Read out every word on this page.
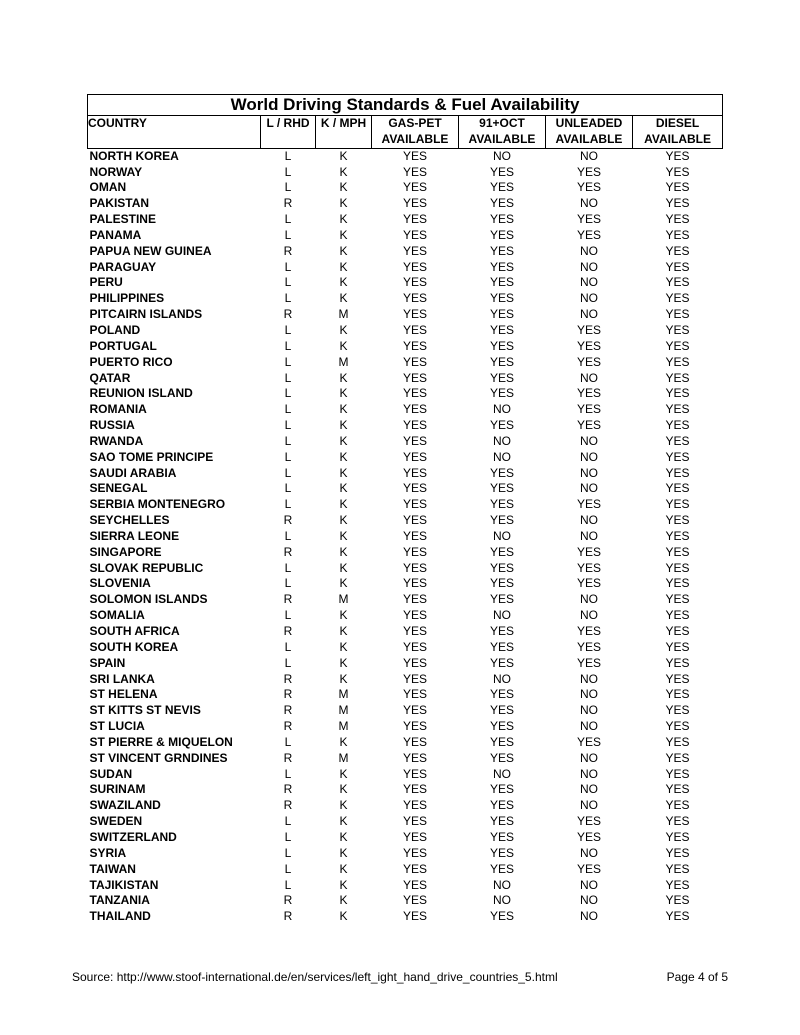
World Driving Standards & Fuel Availability						
COUNTRY	L / RHD	K / MPH	GAS-PET	91+OCT	UNLEADED	DIESEL
			AVAILABLE	AVAILABLE	AVAILABLE	AVAILABLE
NORTH KOREA	L	K	YES	NO	NO	YES
NORWAY	L	K	YES	YES	YES	YES
OMAN	L	K	YES	YES	YES	YES
PAKISTAN	R	K	YES	YES	NO	YES
PALESTINE	L	K	YES	YES	YES	YES
PANAMA	L	K	YES	YES	YES	YES
PAPUA NEW GUINEA	R	K	YES	YES	NO	YES
PARAGUAY	L	K	YES	YES	NO	YES
PERU	L	K	YES	YES	NO	YES
PHILIPPINES	L	K	YES	YES	NO	YES
PITCAIRN ISLANDS	R	M	YES	YES	NO	YES
POLAND	L	K	YES	YES	YES	YES
PORTUGAL	L	K	YES	YES	YES	YES
PUERTO RICO	L	M	YES	YES	YES	YES
QATAR	L	K	YES	YES	NO	YES
REUNION ISLAND	L	K	YES	YES	YES	YES
ROMANIA	L	K	YES	NO	YES	YES
RUSSIA	L	K	YES	YES	YES	YES
RWANDA	L	K	YES	NO	NO	YES
SAO TOME PRINCIPE	L	K	YES	NO	NO	YES
SAUDI ARABIA	L	K	YES	YES	NO	YES
SENEGAL	L	K	YES	YES	NO	YES
SERBIA MONTENEGRO	L	K	YES	YES	YES	YES
SEYCHELLES	R	K	YES	YES	NO	YES
SIERRA LEONE	L	K	YES	NO	NO	YES
SINGAPORE	R	K	YES	YES	YES	YES
SLOVAK REPUBLIC	L	K	YES	YES	YES	YES
SLOVENIA	L	K	YES	YES	YES	YES
SOLOMON ISLANDS	R	M	YES	YES	NO	YES
SOMALIA	L	K	YES	NO	NO	YES
SOUTH AFRICA	R	K	YES	YES	YES	YES
SOUTH KOREA	L	K	YES	YES	YES	YES
SPAIN	L	K	YES	YES	YES	YES
SRI LANKA	R	K	YES	NO	NO	YES
ST HELENA	R	M	YES	YES	NO	YES
ST KITTS ST NEVIS	R	M	YES	YES	NO	YES
ST LUCIA	R	M	YES	YES	NO	YES
ST PIERRE & MIQUELON	L	K	YES	YES	YES	YES
ST VINCENT GRNDINES	R	M	YES	YES	NO	YES
SUDAN	L	K	YES	NO	NO	YES
SURINAM	R	K	YES	YES	NO	YES
SWAZILAND	R	K	YES	YES	NO	YES
SWEDEN	L	K	YES	YES	YES	YES
SWITZERLAND	L	K	YES	YES	YES	YES
SYRIA	L	K	YES	YES	NO	YES
TAIWAN	L	K	YES	YES	YES	YES
TAJIKISTAN	L	K	YES	NO	NO	YES
TANZANIA	R	K	YES	NO	NO	YES
THAILAND	R	K	YES	YES	NO	YES
Source: http://www.stoof-international.de/en/services/left_ight_hand_drive_countries_5.html	Page 4 of 5
